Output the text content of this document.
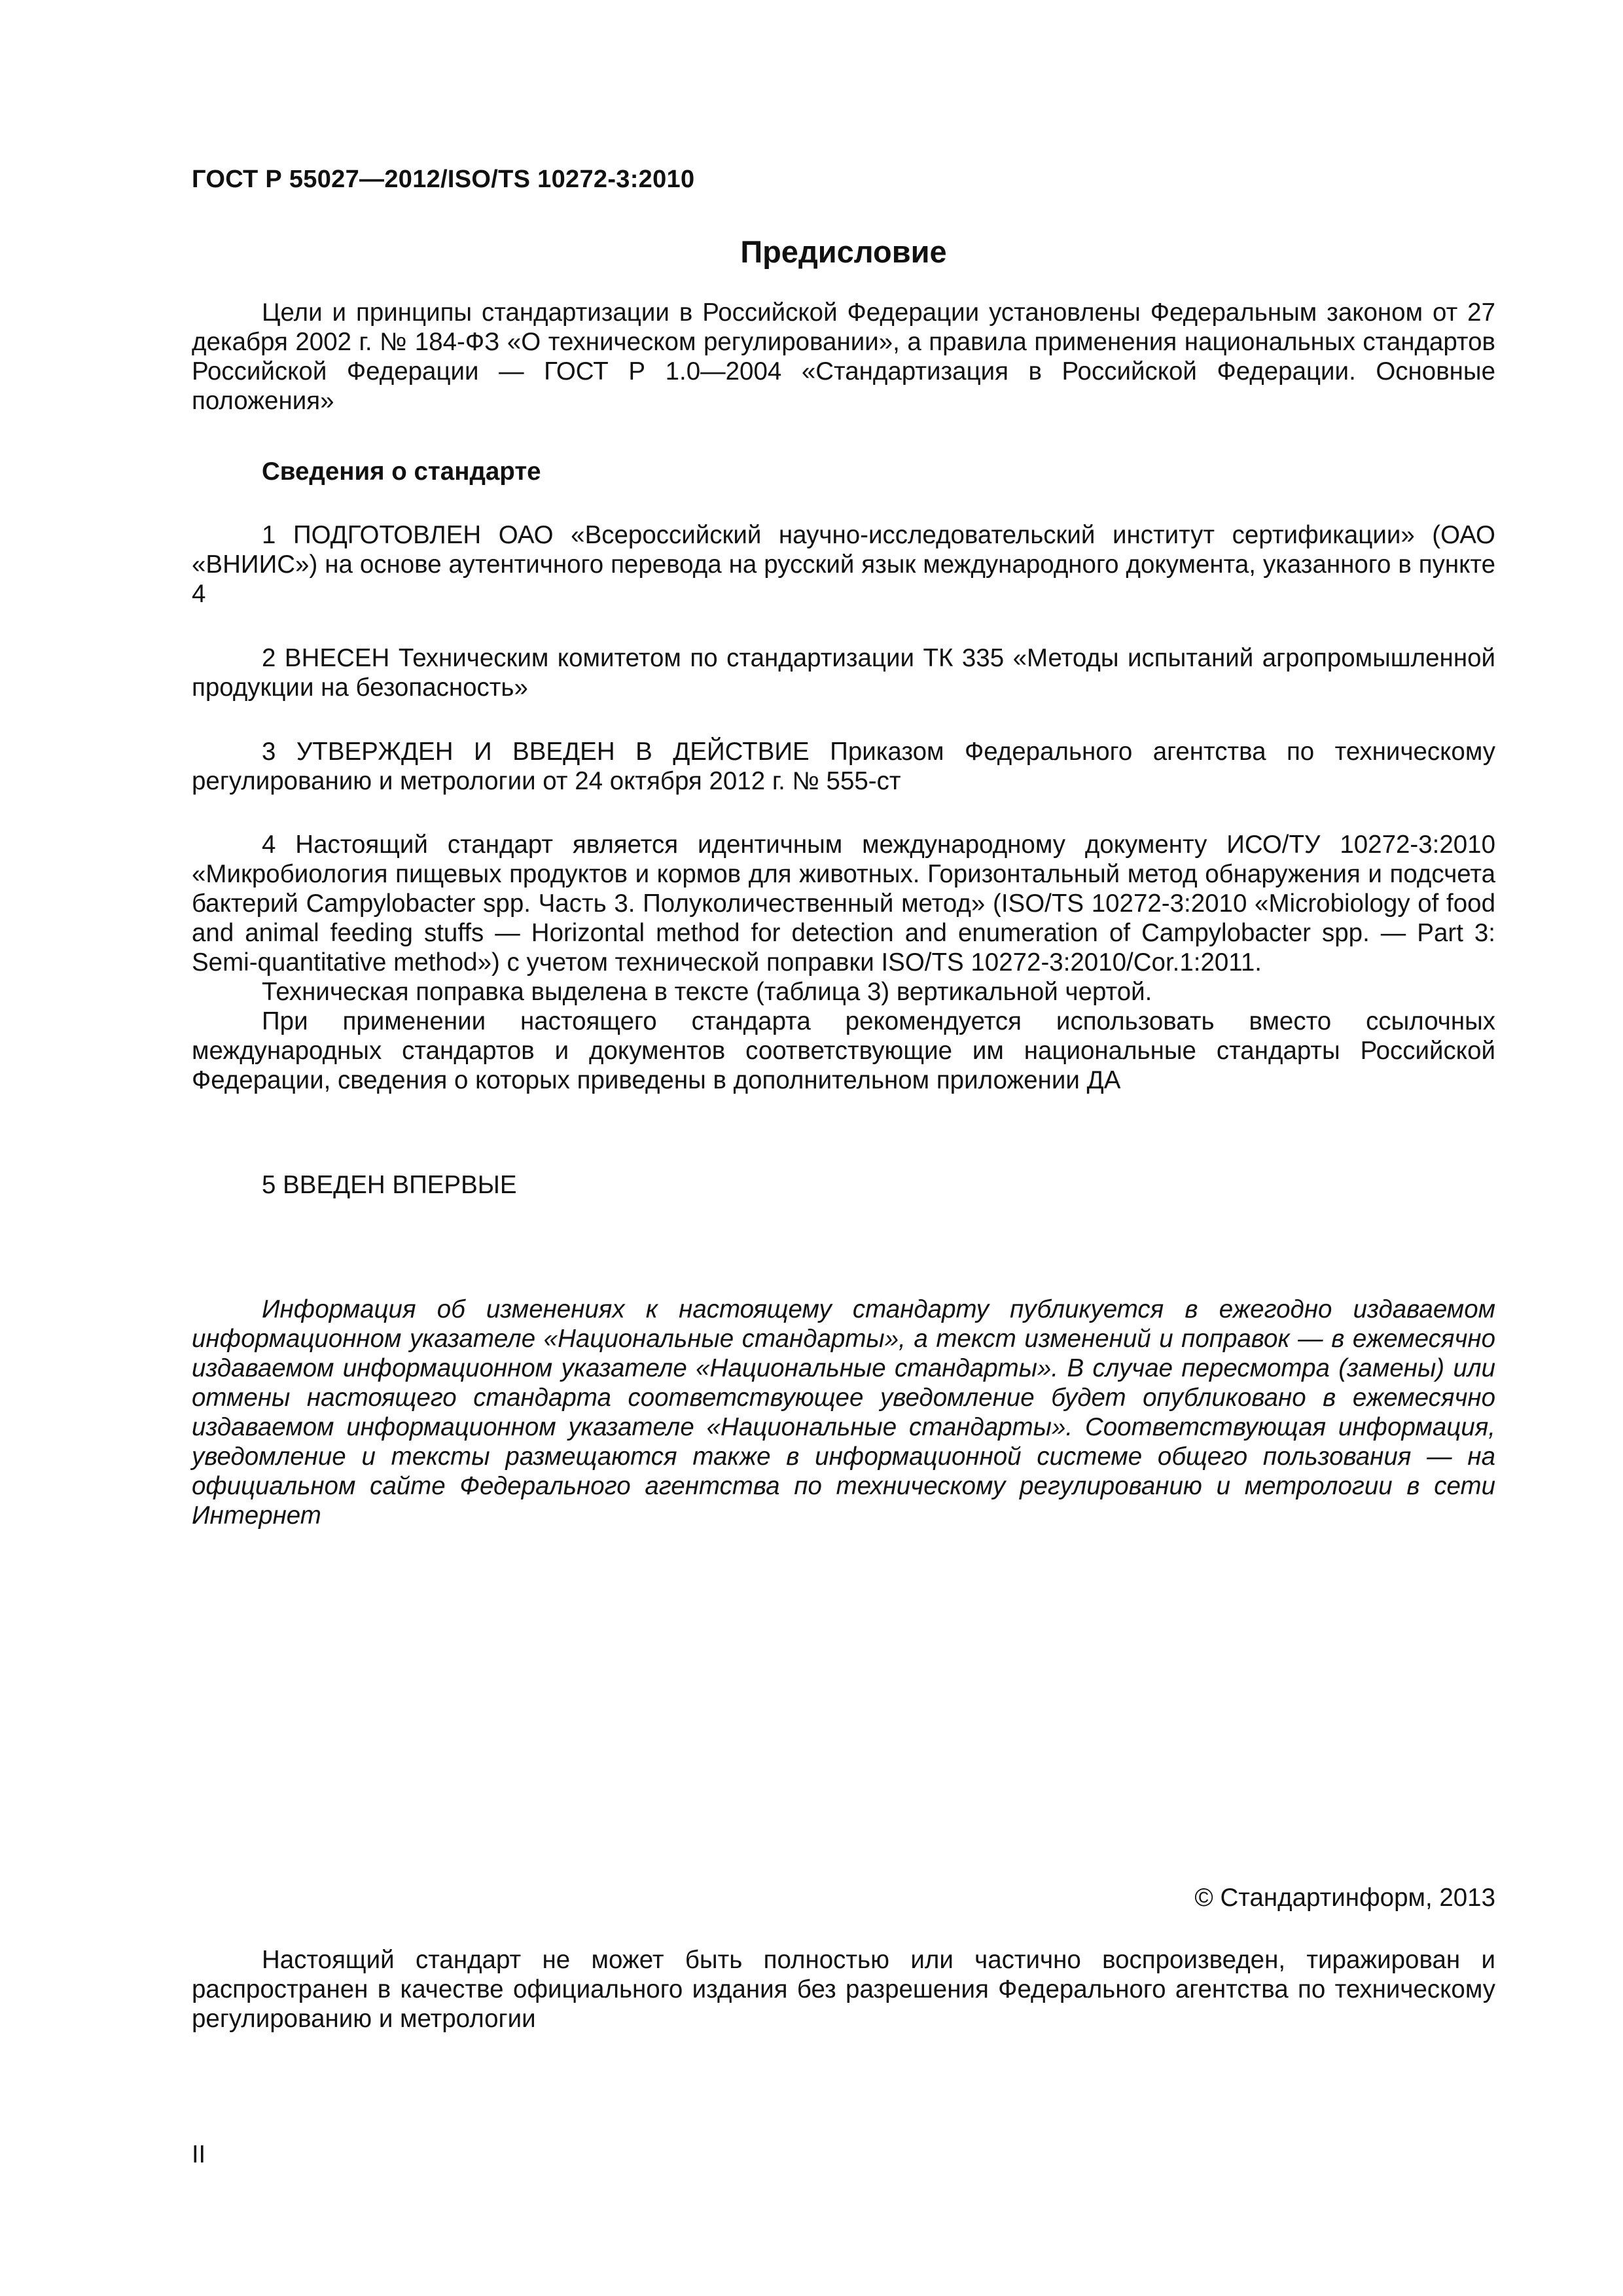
ГОСТ Р 55027—2012/ISO/TS 10272-3:2010
Предисловие

Цели и принципы стандартизации в Российской Федерации установлены Федеральным законом от 27 декабря 2002 г. № 184-ФЗ «О техническом регулировании», а правила применения национальных стандартов Российской Федерации — ГОСТ Р 1.0—2004 «Стандартизация в Российской Федерации. Основные положения»

Сведения о стандарте

1 ПОДГОТОВЛЕН ОАО «Всероссийский научно-исследовательский институт сертификации» (ОАО «ВНИИС») на основе аутентичного перевода на русский язык международного документа, указанного в пункте 4

2 ВНЕСЕН Техническим комитетом по стандартизации ТК 335 «Методы испытаний агропромышленной продукции на безопасность»

3 УТВЕРЖДЕН И ВВЕДЕН В ДЕЙСТВИЕ Приказом Федерального агентства по техническому регулированию и метрологии от 24 октября 2012 г. № 555-ст

4 Настоящий стандарт является идентичным международному документу ИСО/ТУ 10272-3:2010 «Микробиология пищевых продуктов и кормов для животных. Горизонтальный метод обнаружения и подсчета бактерий Campylobacter spp. Часть 3. Полуколичественный метод» (ISO/TS 10272-3:2010 «Microbiology of food and animal feeding stuffs — Horizontal method for detection and enumeration of Campylobacter spp. — Part 3: Semi-quantitative method») с учетом технической поправки ISO/TS 10272-3:2010/Cor.1:2011.

Техническая поправка выделена в тексте (таблица 3) вертикальной чертой.

При применении настоящего стандарта рекомендуется использовать вместо ссылочных международных стандартов и документов соответствующие им национальные стандарты Российской Федерации, сведения о которых приведены в дополнительном приложении ДА

5 ВВЕДЕН ВПЕРВЫЕ

Информация об изменениях к настоящему стандарту публикуется в ежегодно издаваемом информационном указателе «Национальные стандарты», а текст изменений и поправок — в ежемесячно издаваемом информационном указателе «Национальные стандарты». В случае пересмотра (замены) или отмены настоящего стандарта соответствующее уведомление будет опубликовано в ежемесячно издаваемом информационном указателе «Национальные стандарты». Соответствующая информация, уведомление и тексты размещаются также в информационной системе общего пользования — на официальном сайте Федерального агентства по техническому регулированию и метрологии в сети Интернет

© Стандартинформ, 2013

Настоящий стандарт не может быть полностью или частично воспроизведен, тиражирован и распространен в качестве официального издания без разрешения Федерального агентства по техническому регулированию и метрологии

II
